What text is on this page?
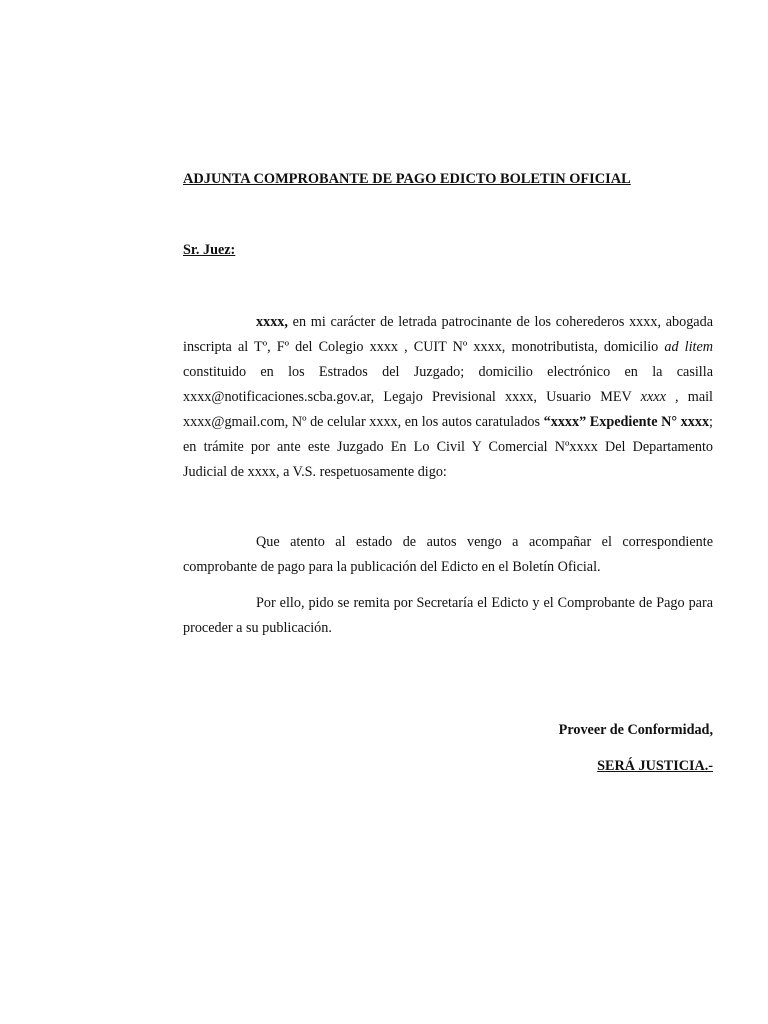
ADJUNTA COMPROBANTE DE PAGO EDICTO BOLETIN OFICIAL
Sr. Juez:

xxxx, en mi carácter de letrada patrocinante de los coherederos xxxx, abogada inscripta al Tº, Fº del Colegio xxxx , CUIT Nº xxxx, monotributista, domicilio ad litem constituido en los Estrados del Juzgado; domicilio electrónico en la casilla xxxx@notificaciones.scba.gov.ar, Legajo Previsional xxxx, Usuario MEV xxxx , mail xxxx@gmail.com, Nº de celular xxxx, en los autos caratulados “xxxx” Expediente N° xxxx; en trámite por ante este Juzgado En Lo Civil Y Comercial Nºxxxx Del Departamento Judicial de xxxx, a V.S. respetuosamente digo:

Que atento al estado de autos vengo a acompañar el correspondiente comprobante de pago para la publicación del Edicto en el Boletín Oficial.

Por ello, pido se remita por Secretaría el Edicto y el Comprobante de Pago para proceder a su publicación.

Proveer de Conformidad,
SERÁ JUSTICIA.-
